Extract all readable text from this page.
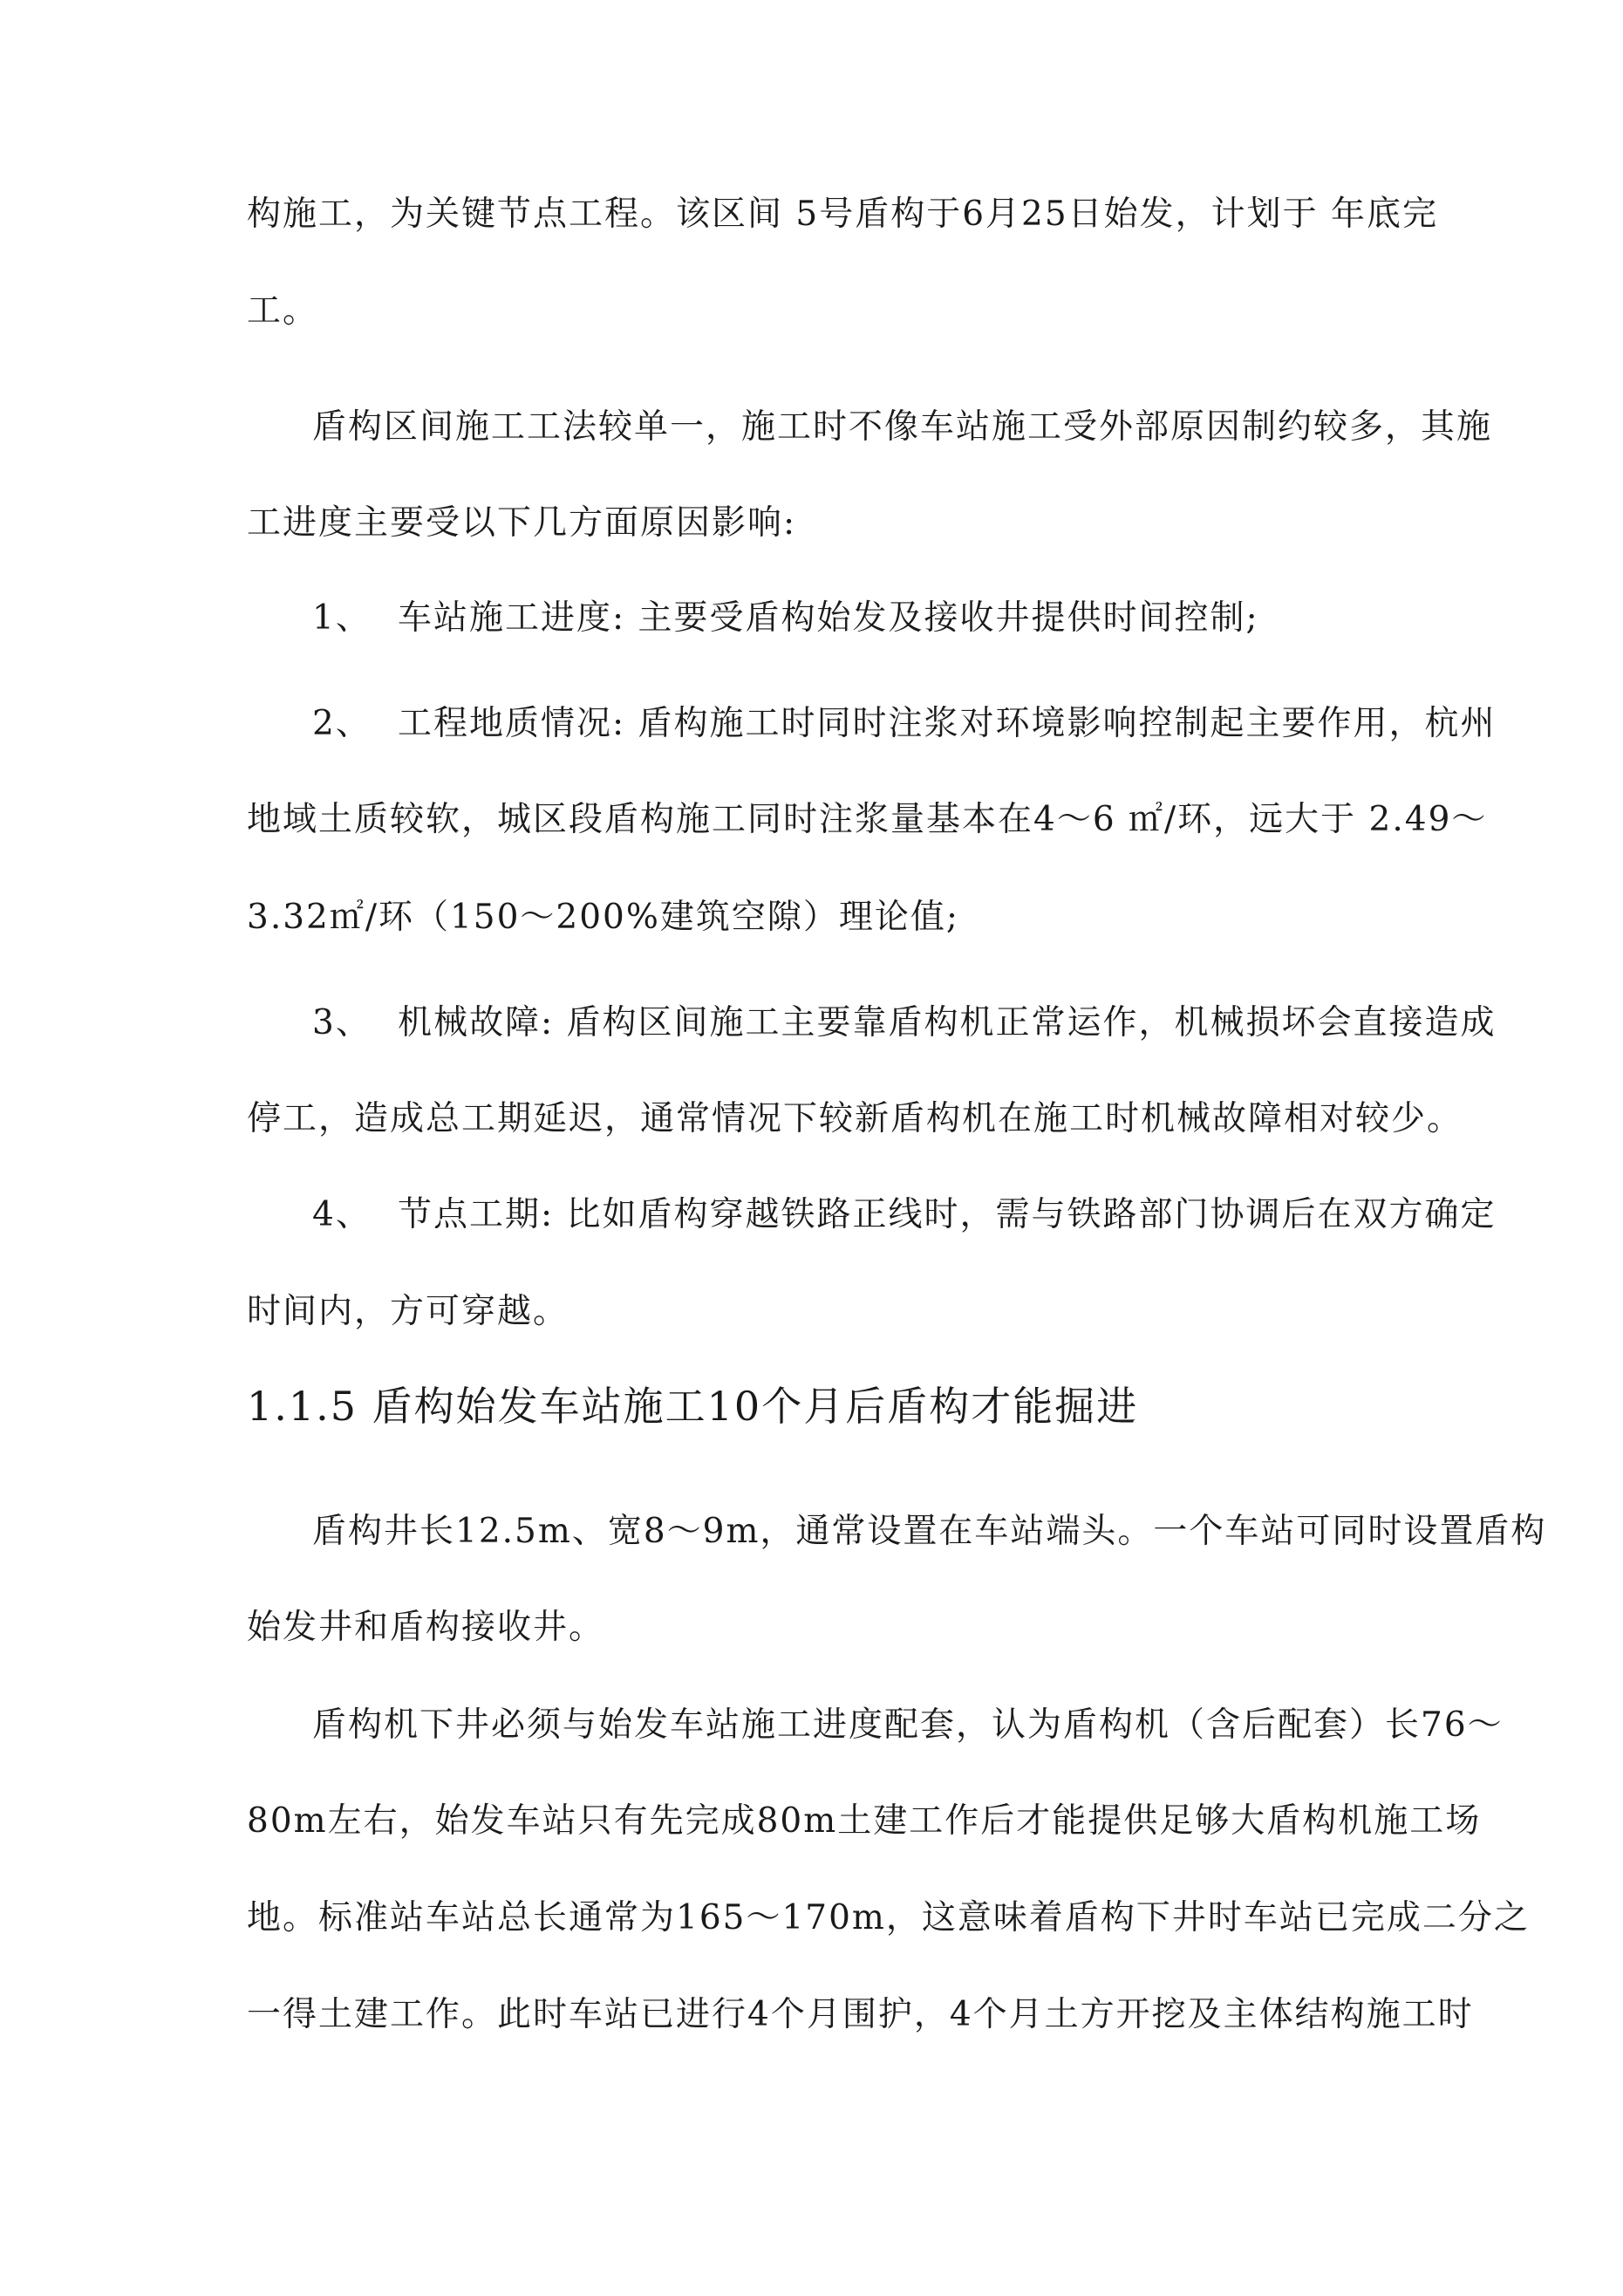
构施工，为关键节点工程。该区间 5号盾构于6月25日始发，计划于 年底完
工。
盾构区间施工工法较单一，施工时不像车站施工受外部原因制约较多，其施
工进度主要受以下几方面原因影响:
1、 车站施工进度: 主要受盾构始发及接收井提供时间控制;
2、 工程地质情况: 盾构施工时同时注浆对环境影响控制起主要作用，杭州
地域土质较软，城区段盾构施工同时注浆量基本在4～6 ㎡/环，远大于 2.49～
3.32㎡/环（150～200%建筑空隙）理论值;
3、 机械故障: 盾构区间施工主要靠盾构机正常运作，机械损坏会直接造成
停工，造成总工期延迟，通常情况下较新盾构机在施工时机械故障相对较少。
4、 节点工期: 比如盾构穿越铁路正线时，需与铁路部门协调后在双方确定
时间内，方可穿越。
1.1.5 盾构始发车站施工10个月后盾构才能掘进
盾构井长12.5m、宽8～9m，通常设置在车站端头。一个车站可同时设置盾构
始发井和盾构接收井。
盾构机下井必须与始发车站施工进度配套，认为盾构机（含后配套）长76～
80m左右，始发车站只有先完成80m土建工作后才能提供足够大盾构机施工场
地。标准站车站总长通常为165～170m，这意味着盾构下井时车站已完成二分之
一得土建工作。此时车站已进行4个月围护，4个月土方开挖及主体结构施工时
